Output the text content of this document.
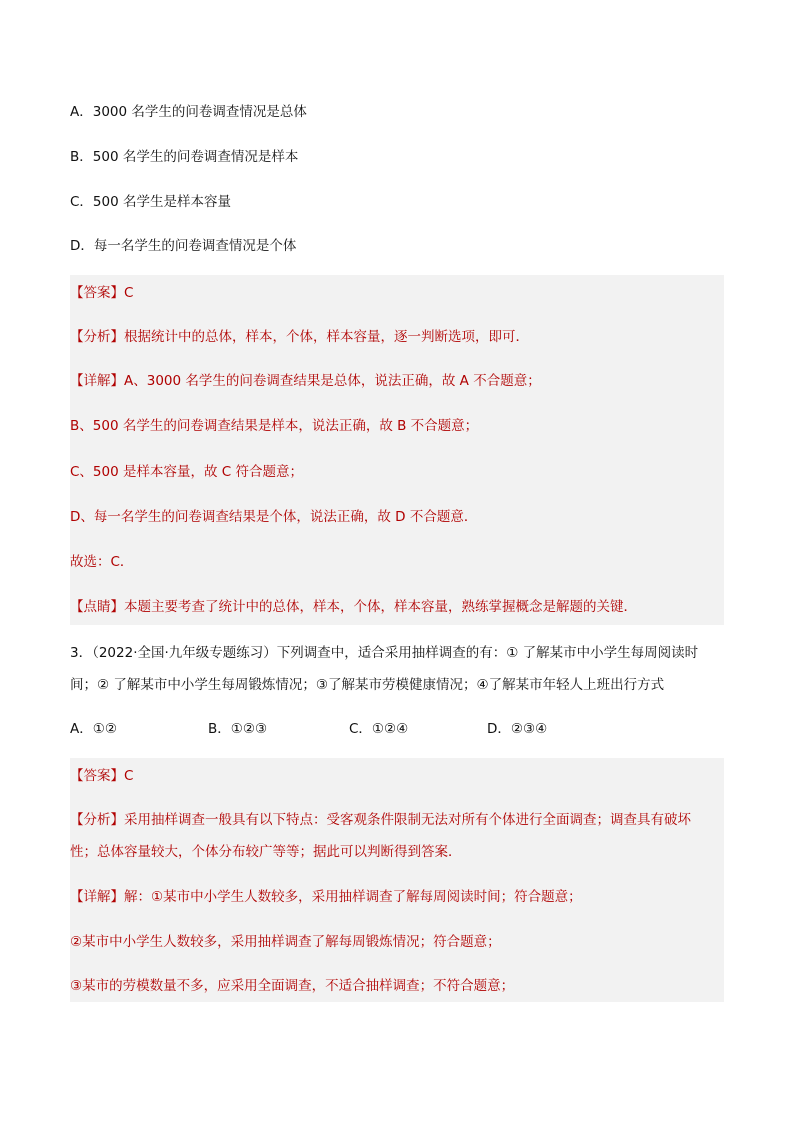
A．3000 名学生的问卷调查情况是总体
B．500 名学生的问卷调查情况是样本
C．500 名学生是样本容量
D．每一名学生的问卷调查情况是个体
【答案】C
【分析】根据统计中的总体，样本，个体，样本容量，逐一判断选项，即可．
【详解】A、3000 名学生的问卷调查结果是总体，说法正确，故 A 不合题意；
B、500 名学生的问卷调查结果是样本，说法正确，故 B 不合题意；
C、500 是样本容量，故 C 符合题意；
D、每一名学生的问卷调查结果是个体，说法正确，故 D 不合题意．
故选：C．
【点睛】本题主要考查了统计中的总体，样本，个体，样本容量，熟练掌握概念是解题的关键．
3．（2022·全国·九年级专题练习）下列调查中，适合采用抽样调查的有：① 了解某市中小学生每周阅读时
间；② 了解某市中小学生每周锻炼情况；③了解某市劳模健康情况；④了解某市年轻人上班出行方式
A．①②	B．①②③	C．①②④	D．②③④
【答案】C
【分析】采用抽样调查一般具有以下特点：受客观条件限制无法对所有个体进行全面调查；调查具有破坏
性；总体容量较大，个体分布较广等等；据此可以判断得到答案．
【详解】解：①某市中小学生人数较多，采用抽样调查了解每周阅读时间；符合题意；
②某市中小学生人数较多，采用抽样调查了解每周锻炼情况；符合题意；
③某市的劳模数量不多，应采用全面调查，不适合抽样调查；不符合题意；
